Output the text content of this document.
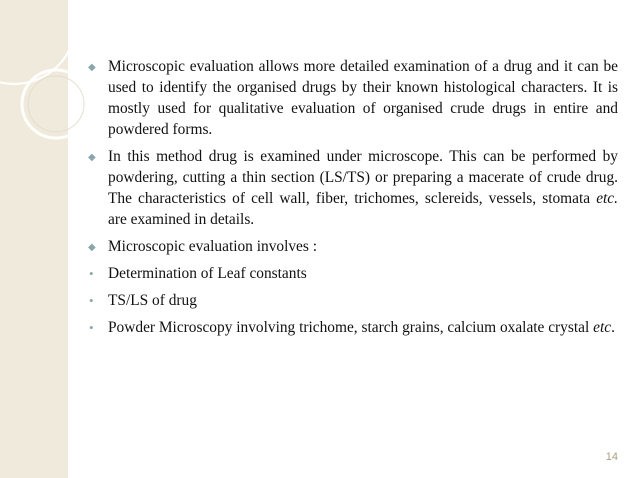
◆ Microscopic evaluation allows more detailed examination of a drug and it can be used to identify the organised drugs by their known histological characters. It is mostly used for qualitative evaluation of organised crude drugs in entire and powdered forms.
◆ In this method drug is examined under microscope. This can be performed by powdering, cutting a thin section (LS/TS) or preparing a macerate of crude drug. The characteristics of cell wall, fiber, trichomes, sclereids, vessels, stomata etc. are examined in details.
◆ Microscopic evaluation involves :
• Determination of Leaf constants
• TS/LS of drug
• Powder Microscopy involving trichome, starch grains, calcium oxalate crystal etc.
14
